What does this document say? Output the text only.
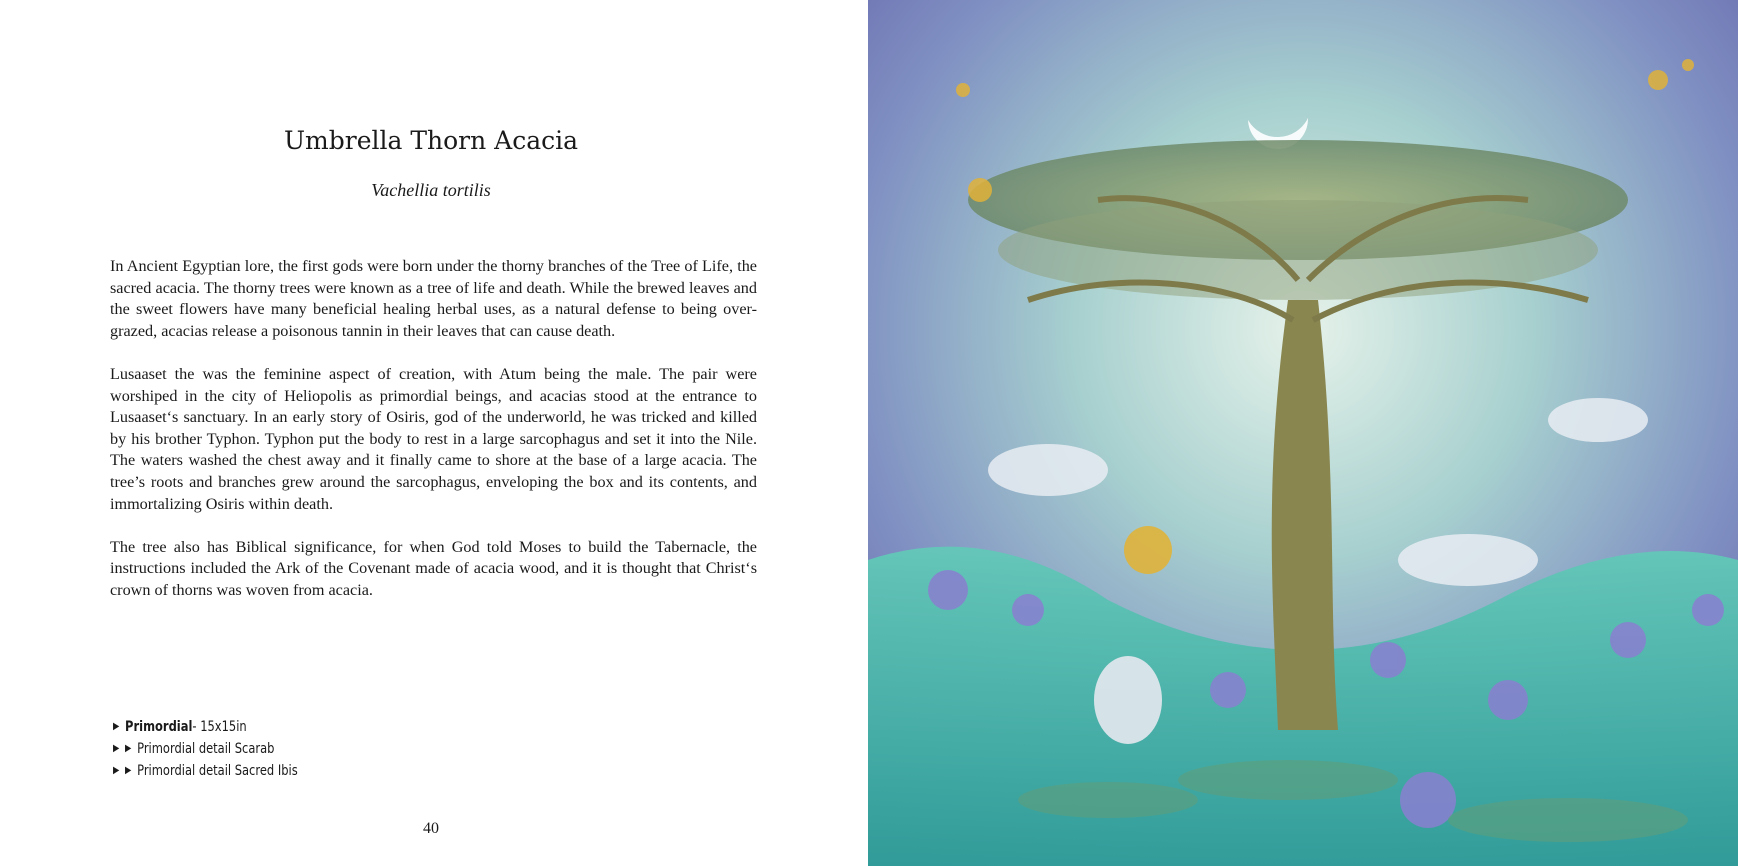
Umbrella Thorn Acacia
Vachellia tortilis

In Ancient Egyptian lore, the first gods were born under the thorny branches of the Tree of Life, the sacred acacia. The thorny trees were known as a tree of life and death. While the brewed leaves and the sweet flowers have many beneficial healing herbal uses, as a natural defense to being over-grazed, acacias release a poisonous tannin in their leaves that can cause death.

Lusaaset the was the feminine aspect of creation, with Atum being the male. The pair were worshiped in the city of Heliopolis as primordial beings, and acacias stood at the entrance to Lusaaset‘s sanctuary. In an early story of Osiris, god of the underworld, he was tricked and killed by his brother Typhon. Typhon put the body to rest in a large sarcophagus and set it into the Nile. The waters washed the chest away and it finally came to shore at the base of a large acacia. The tree’s roots and branches grew around the sarcophagus, enveloping the box and its contents, and immortalizing Osiris within death.

The tree also has Biblical significance, for when God told Moses to build the Tabernacle, the instructions included the Ark of the Covenant made of acacia wood, and it is thought that Christ‘s crown of thorns was woven from acacia.

▶ Primordial - 15x15in
▶ ▶ Primordial detail Scarab
▶ ▶ Primordial detail Sacred Ibis
40
